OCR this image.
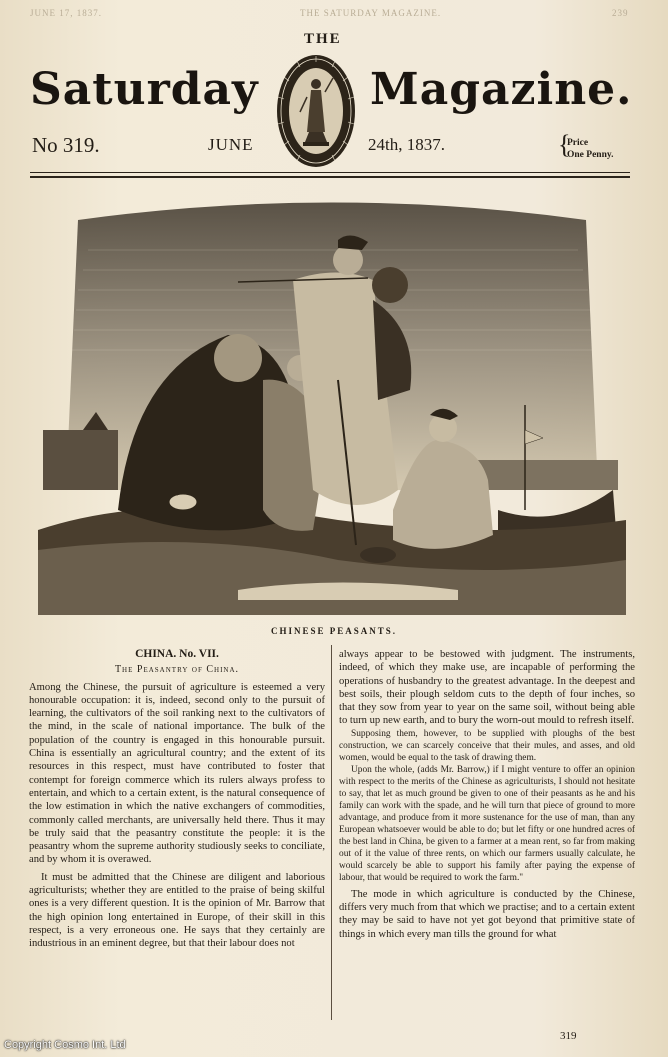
JUNE 17, 1837.	THE SATURDAY MAGAZINE.	239
THE
Saturday	Magazine.
No 319.	JUNE	24th, 1837.	{
Price
One Penny.
CHINESE PEASANTS.
CHINA. No. VII.
The Peasantry of China.

Among the Chinese, the pursuit of agriculture is esteemed a very honourable occupation: it is, indeed, second only to the pursuit of learning, the cultivators of the soil ranking next to the cultivators of the mind, in the scale of national importance. The bulk of the population of the country is engaged in this honourable pursuit. China is essentially an agricultural country; and the extent of its resources in this respect, must have contributed to foster that contempt for foreign commerce which its rulers always profess to entertain, and which to a certain extent, is the natural consequence of the low estimation in which the native exchangers of commodities, commonly called merchants, are universally held there. Thus it may be truly said that the peasantry constitute the people: it is the peasantry whom the supreme authority studiously seeks to conciliate, and by whom it is overawed.

It must be admitted that the Chinese are diligent and laborious agriculturists; whether they are entitled to the praise of being skilful ones is a very different question. It is the opinion of Mr. Barrow that the high opinion long entertained in Europe, of their skill in this respect, is a very erroneous one. He says that they certainly are industrious in an eminent degree, but that their labour does not

always appear to be bestowed with judgment. The instruments, indeed, of which they make use, are incapable of performing the operations of husbandry to the greatest advantage. In the deepest and best soils, their plough seldom cuts to the depth of four inches, so that they sow from year to year on the same soil, without being able to turn up new earth, and to bury the worn-out mould to refresh itself.

Supposing them, however, to be supplied with ploughs of the best construction, we can scarcely conceive that their mules, and asses, and old women, would be equal to the task of drawing them.

Upon the whole, (adds Mr. Barrow,) if I might venture to offer an opinion with respect to the merits of the Chinese as agriculturists, I should not hesitate to say, that let as much ground be given to one of their peasants as he and his family can work with the spade, and he will turn that piece of ground to more advantage, and produce from it more sustenance for the use of man, than any European whatsoever would be able to do; but let fifty or one hundred acres of the best land in China, be given to a farmer at a mean rent, so far from making out of it the value of three rents, on which our farmers usually calculate, he would scarcely be able to support his family after paying the expense of labour, that would be required to work the farm."

The mode in which agriculture is conducted by the Chinese, differs very much from that which we practise; and to a certain extent they may be said to have not yet got beyond that primitive state of things in which every man tills the ground for what

319
Copyright Cosmo Int. Ltd
